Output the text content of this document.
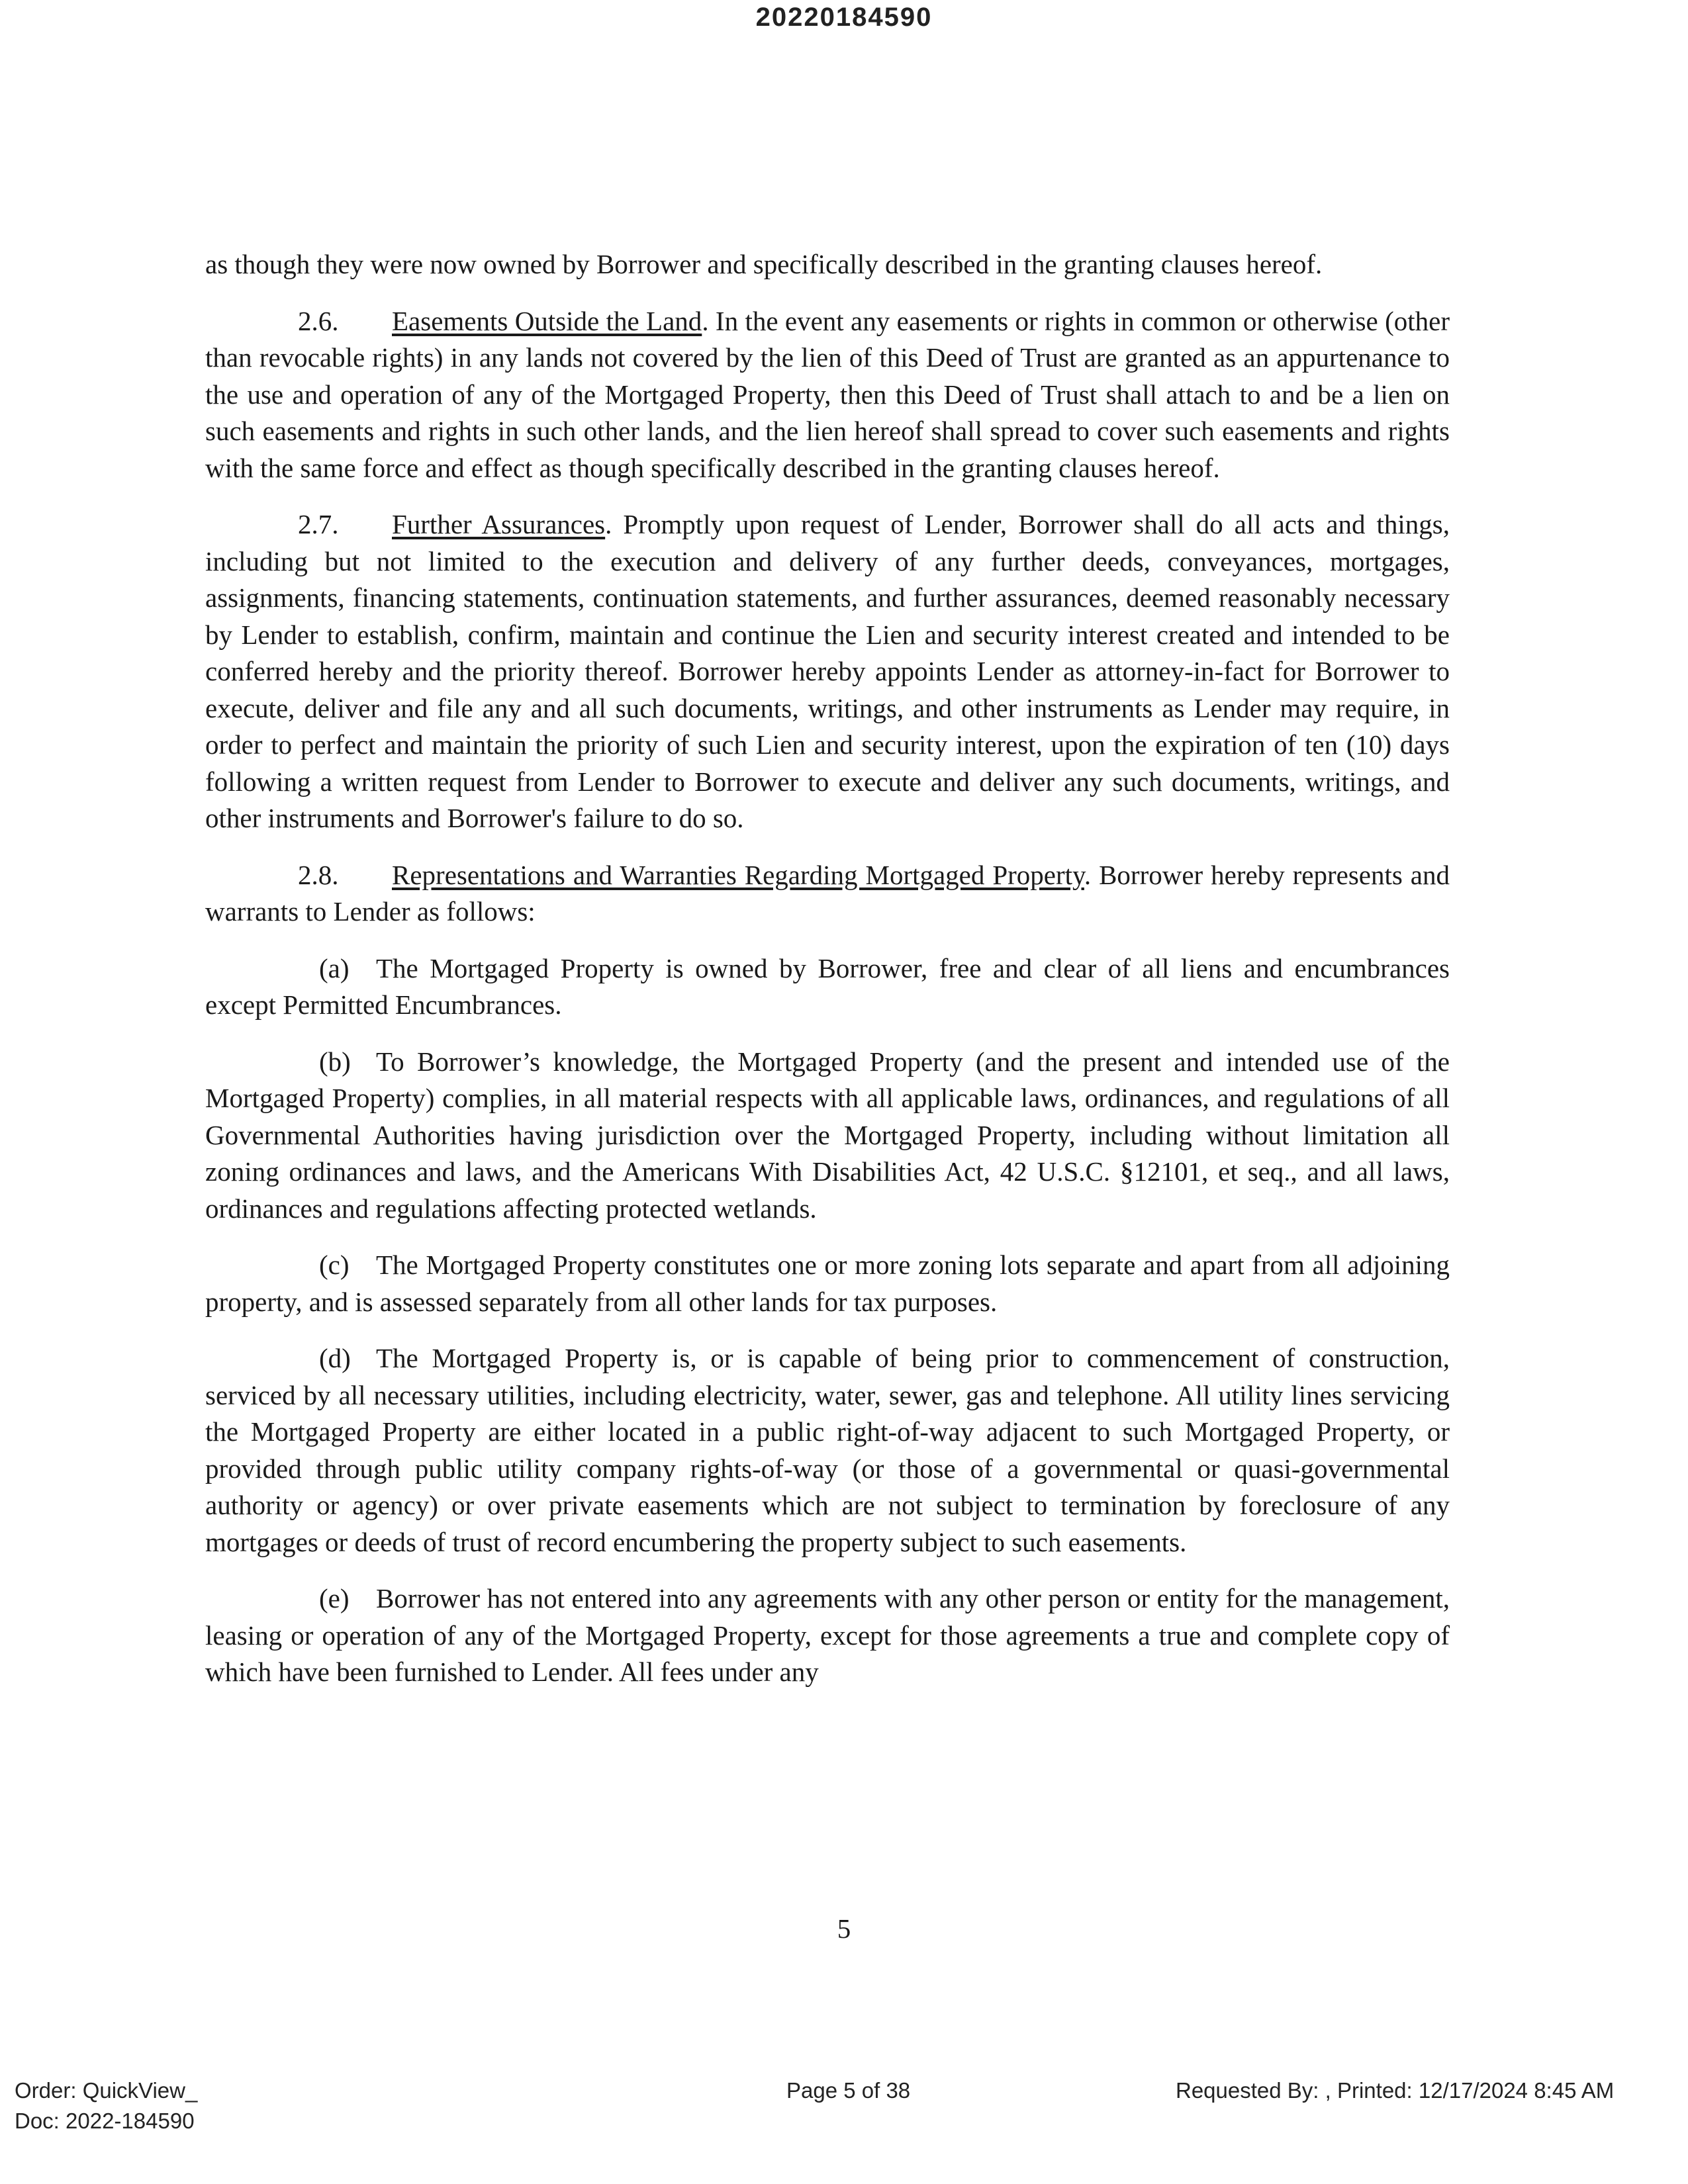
20220184590

as though they were now owned by Borrower and specifically described in the granting clauses hereof.

2.6. Easements Outside the Land. In the event any easements or rights in common or otherwise (other than revocable rights) in any lands not covered by the lien of this Deed of Trust are granted as an appurtenance to the use and operation of any of the Mortgaged Property, then this Deed of Trust shall attach to and be a lien on such easements and rights in such other lands, and the lien hereof shall spread to cover such easements and rights with the same force and effect as though specifically described in the granting clauses hereof.

2.7. Further Assurances. Promptly upon request of Lender, Borrower shall do all acts and things, including but not limited to the execution and delivery of any further deeds, conveyances, mortgages, assignments, financing statements, continuation statements, and further assurances, deemed reasonably necessary by Lender to establish, confirm, maintain and continue the Lien and security interest created and intended to be conferred hereby and the priority thereof. Borrower hereby appoints Lender as attorney-in-fact for Borrower to execute, deliver and file any and all such documents, writings, and other instruments as Lender may require, in order to perfect and maintain the priority of such Lien and security interest, upon the expiration of ten (10) days following a written request from Lender to Borrower to execute and deliver any such documents, writings, and other instruments and Borrower's failure to do so.

2.8. Representations and Warranties Regarding Mortgaged Property. Borrower hereby represents and warrants to Lender as follows:

(a) The Mortgaged Property is owned by Borrower, free and clear of all liens and encumbrances except Permitted Encumbrances.

(b) To Borrower’s knowledge, the Mortgaged Property (and the present and intended use of the Mortgaged Property) complies, in all material respects with all applicable laws, ordinances, and regulations of all Governmental Authorities having jurisdiction over the Mortgaged Property, including without limitation all zoning ordinances and laws, and the Americans With Disabilities Act, 42 U.S.C. §12101, et seq., and all laws, ordinances and regulations affecting protected wetlands.

(c) The Mortgaged Property constitutes one or more zoning lots separate and apart from all adjoining property, and is assessed separately from all other lands for tax purposes.

(d) The Mortgaged Property is, or is capable of being prior to commencement of construction, serviced by all necessary utilities, including electricity, water, sewer, gas and telephone. All utility lines servicing the Mortgaged Property are either located in a public right-of-way adjacent to such Mortgaged Property, or provided through public utility company rights-of-way (or those of a governmental or quasi-governmental authority or agency) or over private easements which are not subject to termination by foreclosure of any mortgages or deeds of trust of record encumbering the property subject to such easements.

(e) Borrower has not entered into any agreements with any other person or entity for the management, leasing or operation of any of the Mortgaged Property, except for those agreements a true and complete copy of which have been furnished to Lender. All fees under any

5
Order: QuickView_
Doc: 2022-184590
Page 5 of 38	Requested By: , Printed: 12/17/2024 8:45 AM
